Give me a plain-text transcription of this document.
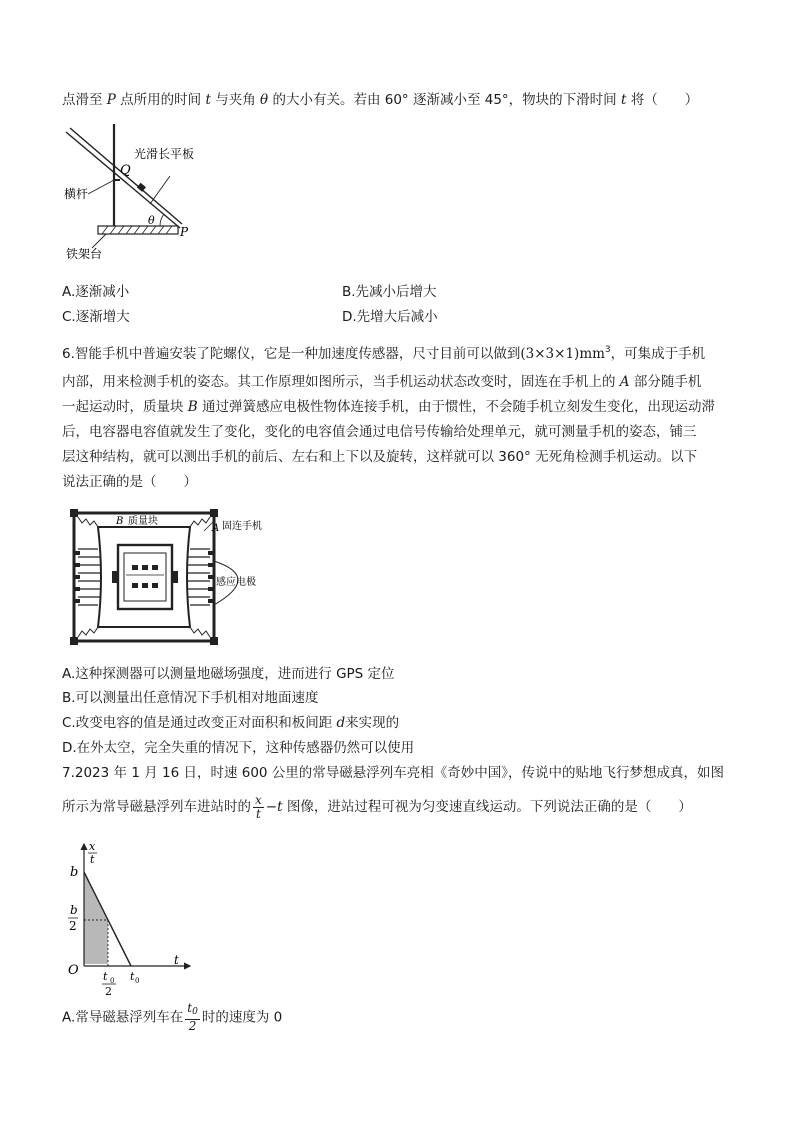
点滑至 P 点所用的时间 t 与夹角 θ 的大小有关。若由 60° 逐渐减小至 45°，物块的下滑时间 t 将（　　）
Q
光滑长平板
横杆
θ
P
铁架台
A.逐渐减小	B.先减小后增大
C.逐渐增大	D.先增大后减小
6.智能手机中普遍安装了陀螺仪，它是一种加速度传感器，尺寸目前可以做到$(3\times 3\times 1)mm^3$，可集成于手机
内部，用来检测手机的姿态。其工作原理如图所示，当手机运动状态改变时，固连在手机上的 A 部分随手机
一起运动时，质量块 B 通过弹簧感应电极性物体连接手机，由于惯性，不会随手机立刻发生变化，出现运动滞
后，电容器电容值就发生了变化，变化的电容值会通过电信号传输给处理单元，就可测量手机的姿态，铺三
层这种结构，就可以测出手机的前后、左右和上下以及旋转，这样就可以 360° 无死角检测手机运动。以下
说法正确的是（　　）
B 质量块
A 固连手机
感应电极
A.这种探测器可以测量地磁场强度，进而进行 GPS 定位
B.可以测量出任意情况下手机相对地面速度
C.改变电容的值是通过改变正对面积和板间距 d来实现的
D.在外太空，完全失重的情况下，这种传感器仍然可以使用
7.2023 年 1 月 16 日，时速 600 公里的常导磁悬浮列车亮相《奇妙中国》，传说中的贴地飞行梦想成真，如图
所示为常导磁悬浮列车进站时的 $\frac{x}{t} -t$ 图像，进站过程可视为匀变速直线运动。下列说法正确的是（　　）
x
t
b
b
2
O t 0
2
t 0
t
A.常导磁悬浮列车在 $\frac{t_0}{2}$ 时的速度为 0
